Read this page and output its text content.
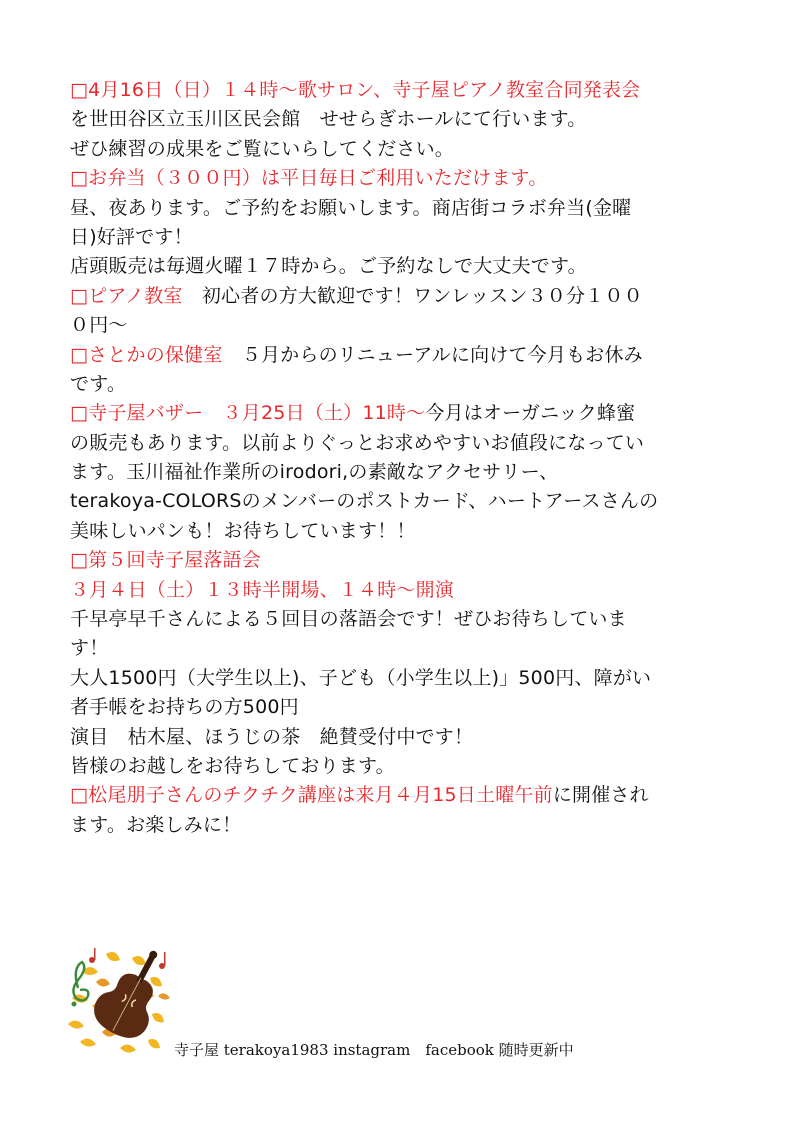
□4月16日（日）１４時～歌サロン、寺子屋ピアノ教室合同発表会
を世田谷区立玉川区民会館　せせらぎホールにて行います。
ぜひ練習の成果をご覧にいらしてください。
□お弁当（３００円）は平日毎日ご利用いただけます。
昼、夜あります。ご予約をお願いします。商店街コラボ弁当(金曜
日)好評です！
店頭販売は毎週火曜１７時から。ご予約なしで大丈夫です。
□ピアノ教室　初心者の方大歓迎です！ワンレッスン３０分１００
０円～
□さとかの保健室　５月からのリニューアルに向けて今月もお休み
です。
□寺子屋バザー　３月25日（土）11時～今月はオーガニック蜂蜜
の販売もあります。以前よりぐっとお求めやすいお値段になってい
ます。玉川福祉作業所のirodori,の素敵なアクセサリー、
terakoya-COLORSのメンバーのポストカード、ハートアースさんの
美味しいパンも！お待ちしています！！
□第５回寺子屋落語会
３月４日（土）１３時半開場、１４時～開演
千早亭早千さんによる５回目の落語会です！ぜひお待ちしていま
す！
大人1500円（大学生以上)、子ども（小学生以上)」500円、障がい
者手帳をお持ちの方500円
演目　枯木屋、ほうじの茶　絶賛受付中です！
皆様のお越しをお待ちしております。
□松尾朋子さんのチクチク講座は来月４月15日土曜午前に開催され
ます。お楽しみに！
寺子屋 terakoya1983 instagram　facebook 随時更新中
